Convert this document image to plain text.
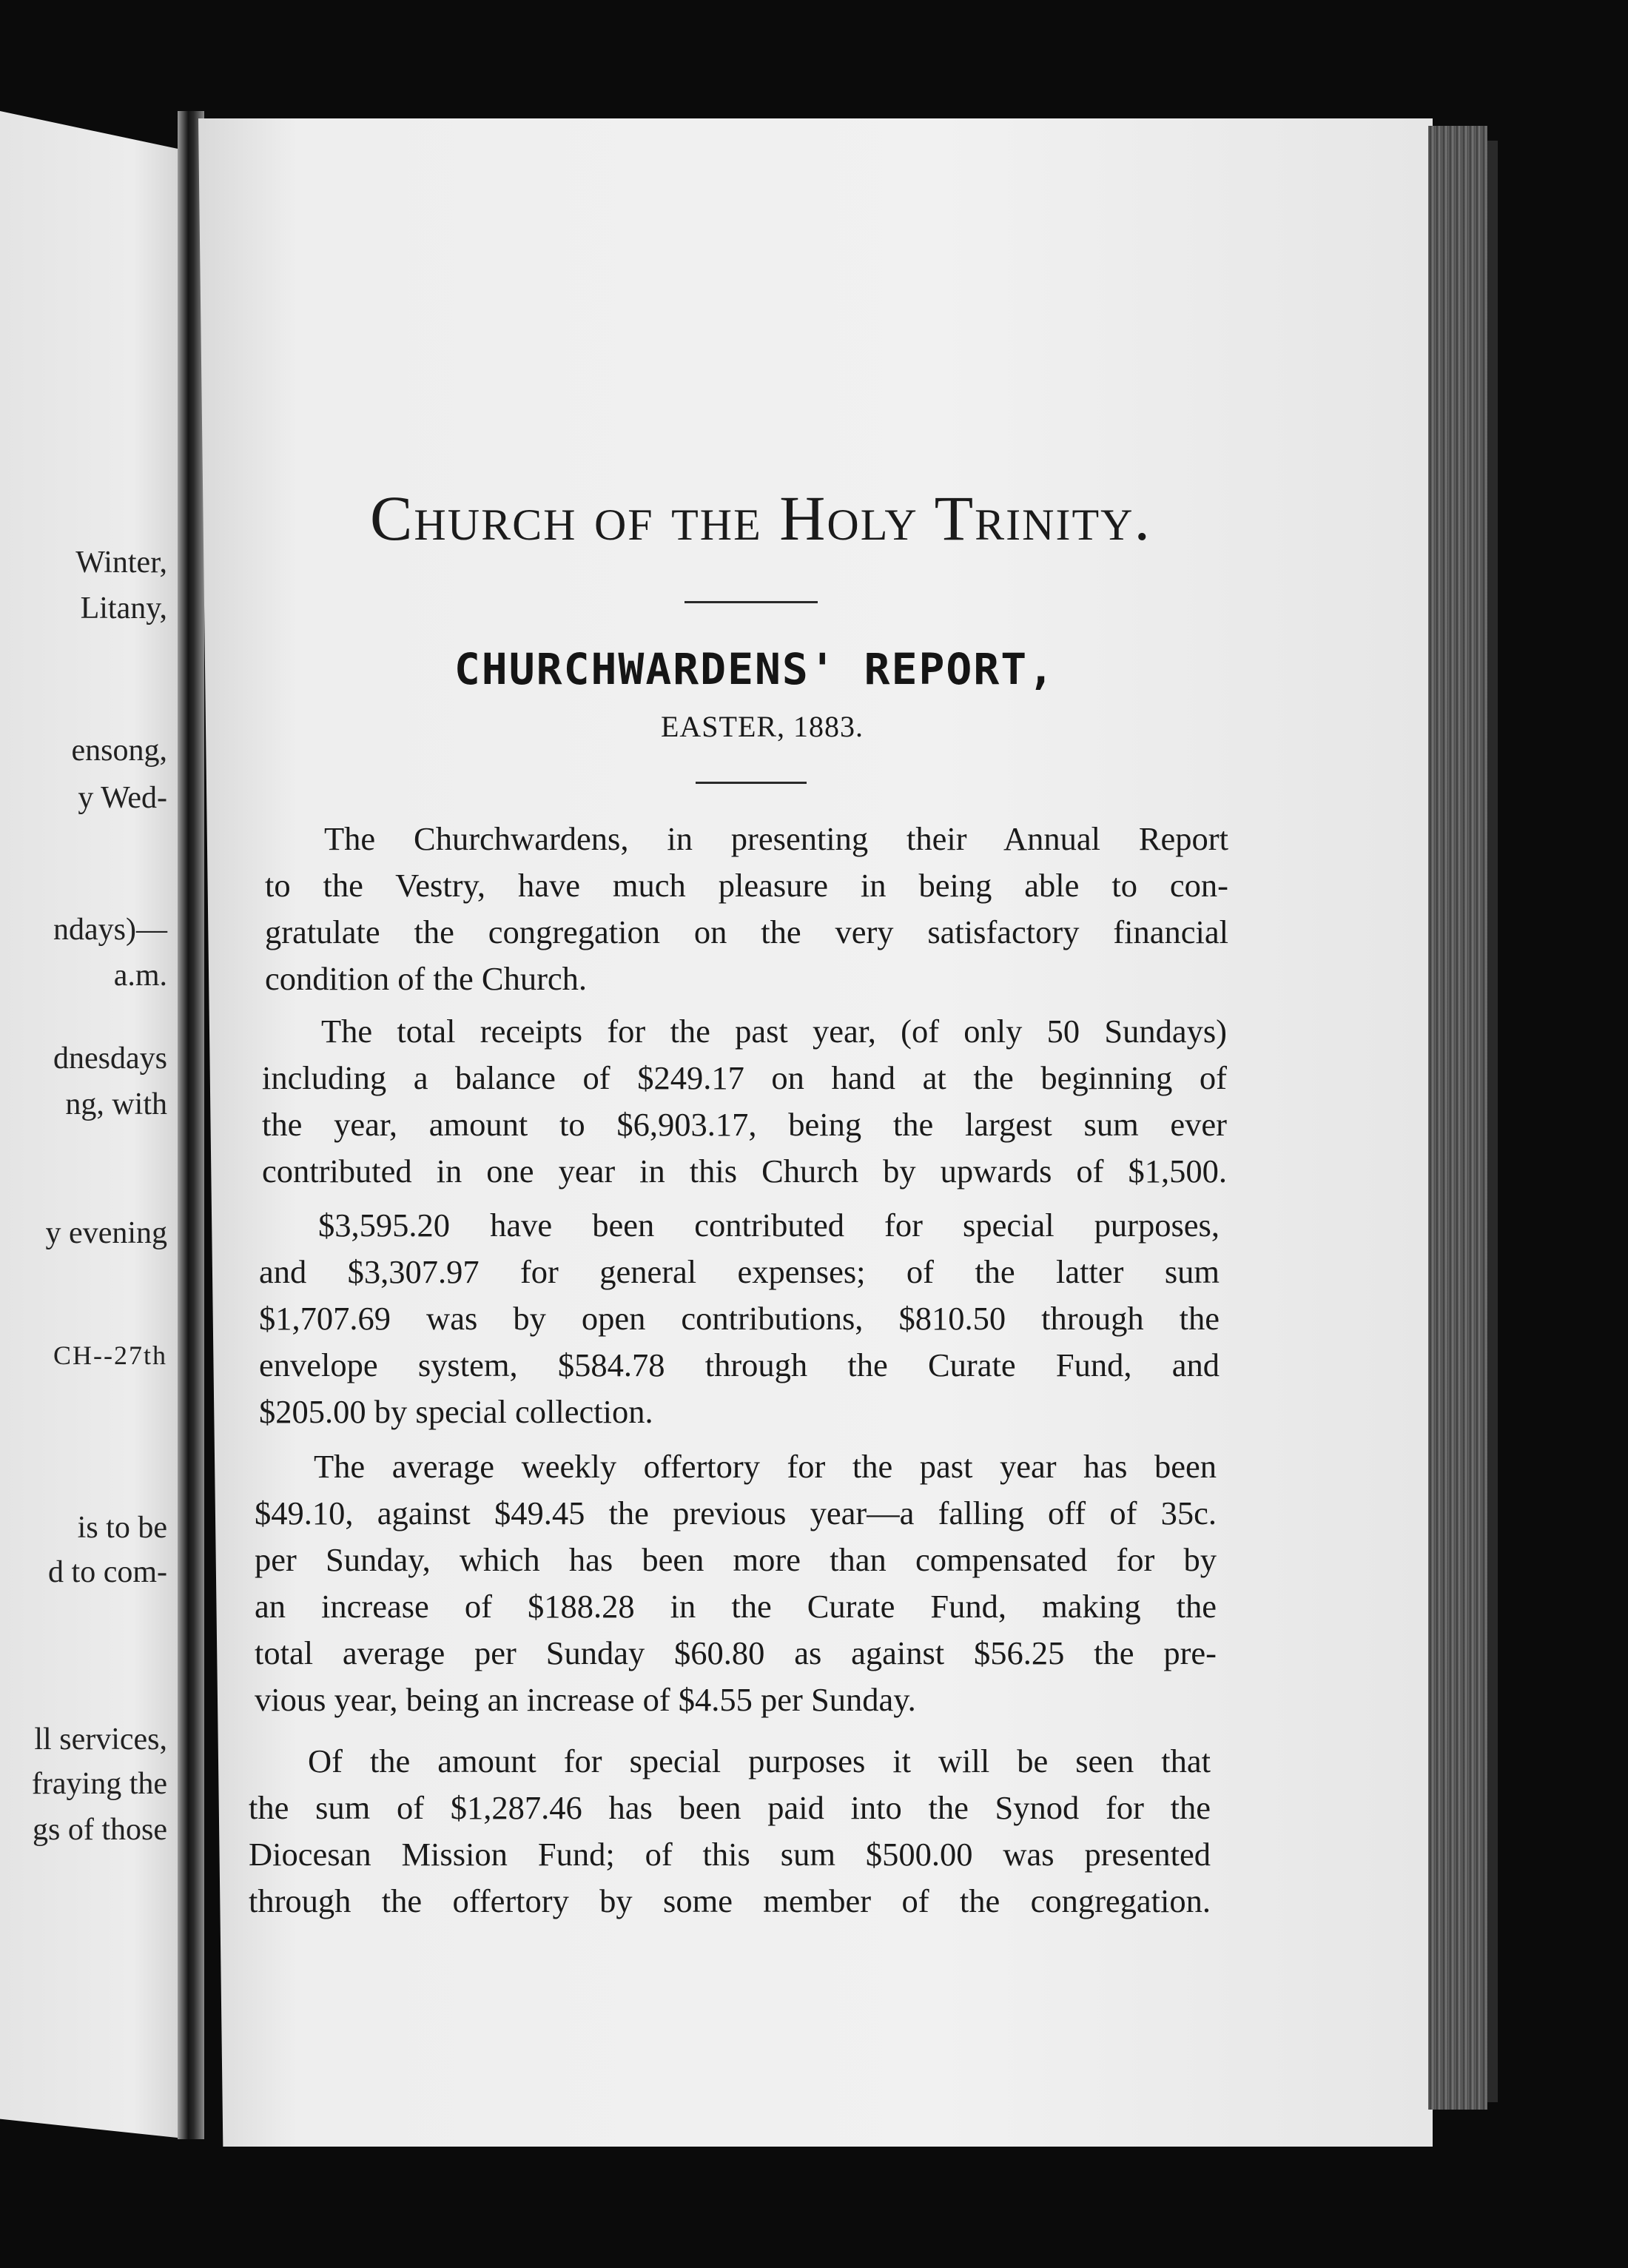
Winter,
Litany,
ensong,
y Wed-
ndays)—
a.m.
dnesdays
ng, with
y evening
CH--27th
is to be
d to com-
ll services,
fraying the
gs of those
Church of the Holy Trinity.
CHURCHWARDENS' REPORT,
EASTER, 1883.
The Churchwardens, in presenting their Annual Report
to the Vestry, have much pleasure in being able to con-
gratulate the congregation on the very satisfactory financial
condition of the Church.
The total receipts for the past year, (of only 50 Sundays)
including a balance of $249.17 on hand at the beginning of
the year, amount to $6,903.17, being the largest sum ever
contributed in one year in this Church by upwards of $1,500.
$3,595.20 have been contributed for special purposes,
and $3,307.97 for general expenses; of the latter sum
$1,707.69 was by open contributions, $810.50 through the
envelope system, $584.78 through the Curate Fund, and
$205.00 by special collection.
The average weekly offertory for the past year has been
$49.10, against $49.45 the previous year—a falling off of 35c.
per Sunday, which has been more than compensated for by
an increase of $188.28 in the Curate Fund, making the
total average per Sunday $60.80 as against $56.25 the pre-
vious year, being an increase of $4.55 per Sunday.
Of the amount for special purposes it will be seen that
the sum of $1,287.46 has been paid into the Synod for the
Diocesan Mission Fund; of this sum $500.00 was presented
through the offertory by some member of the congregation.
